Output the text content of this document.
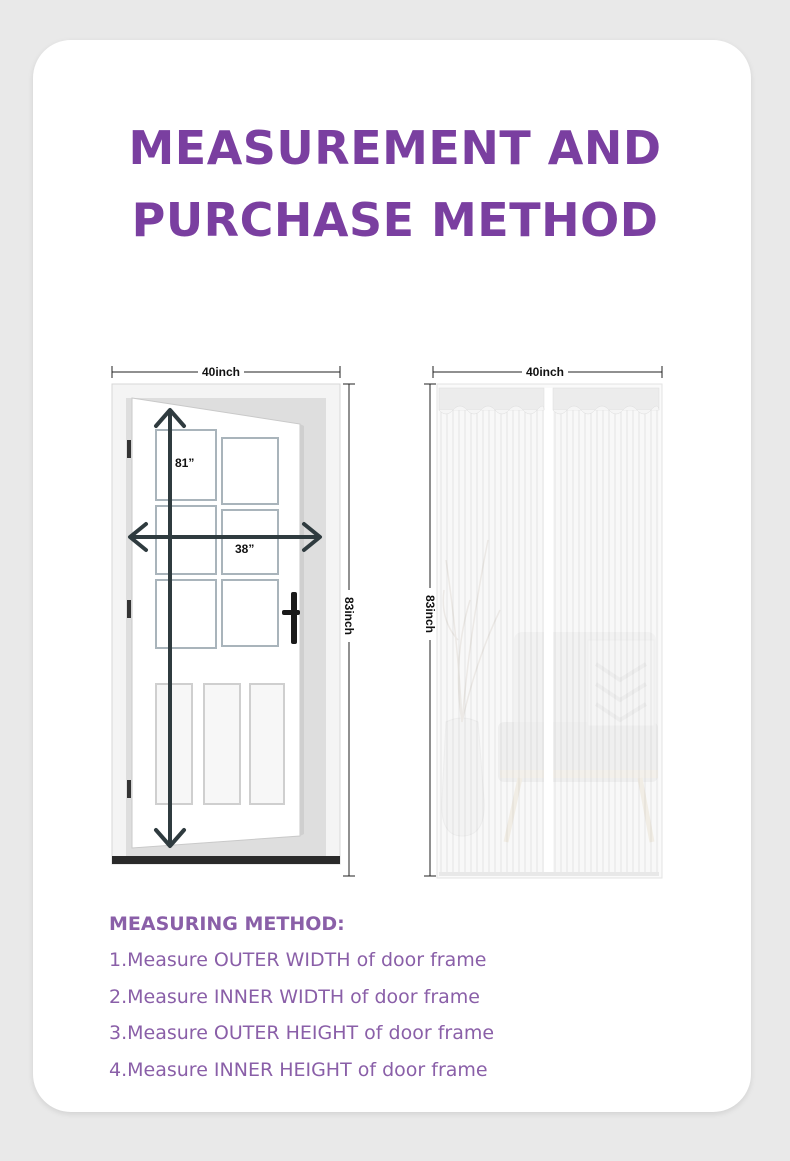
MEASUREMENT AND
PURCHASE METHOD
40inch
81”
38”
83inch
40inch
83inch
MEASURING METHOD:
1.Measure OUTER WIDTH of door frame
2.Measure INNER WIDTH of door frame
3.Measure OUTER HEIGHT of door frame
4.Measure INNER HEIGHT of door frame
